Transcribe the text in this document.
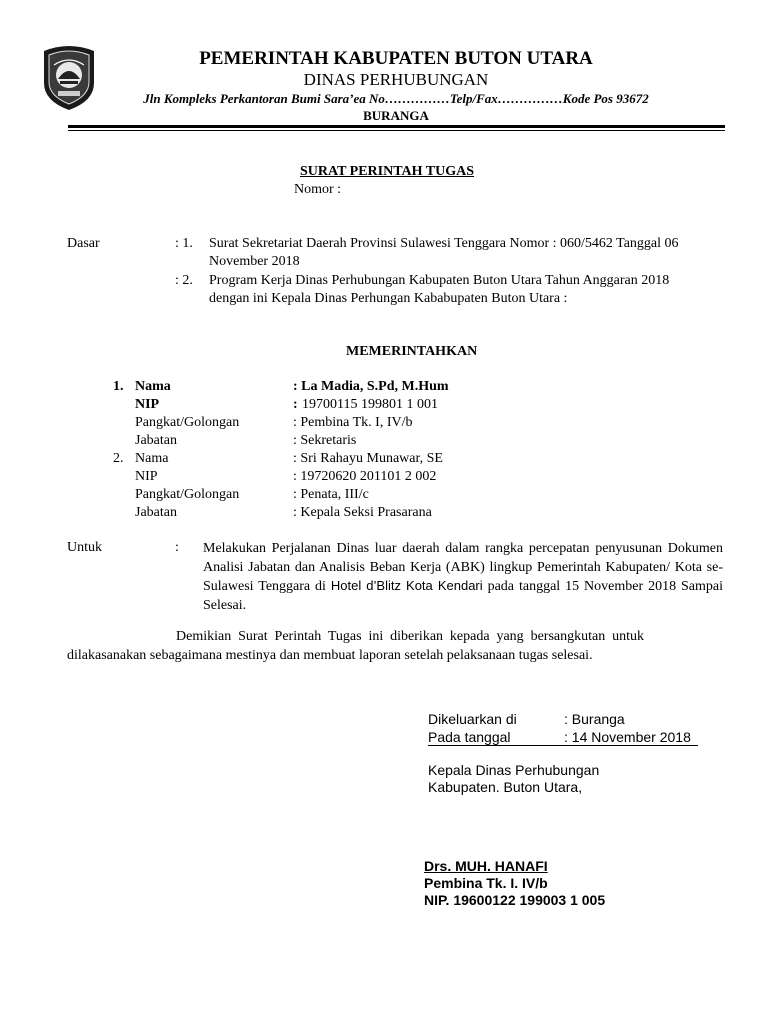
PEMERINTAH KABUPATEN BUTON UTARA
DINAS PERHUBUNGAN
Jln Kompleks Perkantoran Bumi Sara’ea No……………Telp/Fax……………Kode Pos 93672
BURANGA
SURAT PERINTAH TUGAS
Nomor :
Dasar	: 1. Surat Sekretariat Daerah Provinsi Sulawesi Tenggara Nomor : 060/5462 Tanggal 06
November 2018
: 2. Program Kerja Dinas Perhubungan Kabupaten Buton Utara Tahun Anggaran 2018
dengan ini Kepala Dinas Perhungan Kababupaten Buton Utara :
MEMERINTAHKAN
1. Nama	: La Madia, S.Pd, M.Hum
NIP	: 19700115 199801 1 001
Pangkat/Golongan	: Pembina Tk. I, IV/b
Jabatan	: Sekretaris
2. Nama	: Sri Rahayu Munawar, SE
NIP	: 19720620 201101 2 002
Pangkat/Golongan	: Penata, III/c
Jabatan	: Kepala Seksi Prasarana
Untuk	: Melakukan Perjalanan Dinas luar daerah dalam rangka percepatan penyusunan Dokumen Analisi Jabatan dan Analisis Beban Kerja (ABK) lingkup Pemerintah Kabupaten/ Kota se- Sulawesi Tenggara di Hotel d’Blitz Kota Kendari pada tanggal 15 November 2018 Sampai Selesai.
Demikian Surat Perintah Tugas ini diberikan kepada yang bersangkutan untuk
dilakasanakan sebagaimana mestinya dan membuat laporan setelah pelaksanaan tugas selesai.
Dikeluarkan di	: Buranga
Pada tanggal	: 14 November 2018
Kepala Dinas Perhubungan
Kabupaten. Buton Utara,
Drs. MUH. HANAFI
Pembina Tk. I. IV/b
NIP. 19600122 199003 1 005
